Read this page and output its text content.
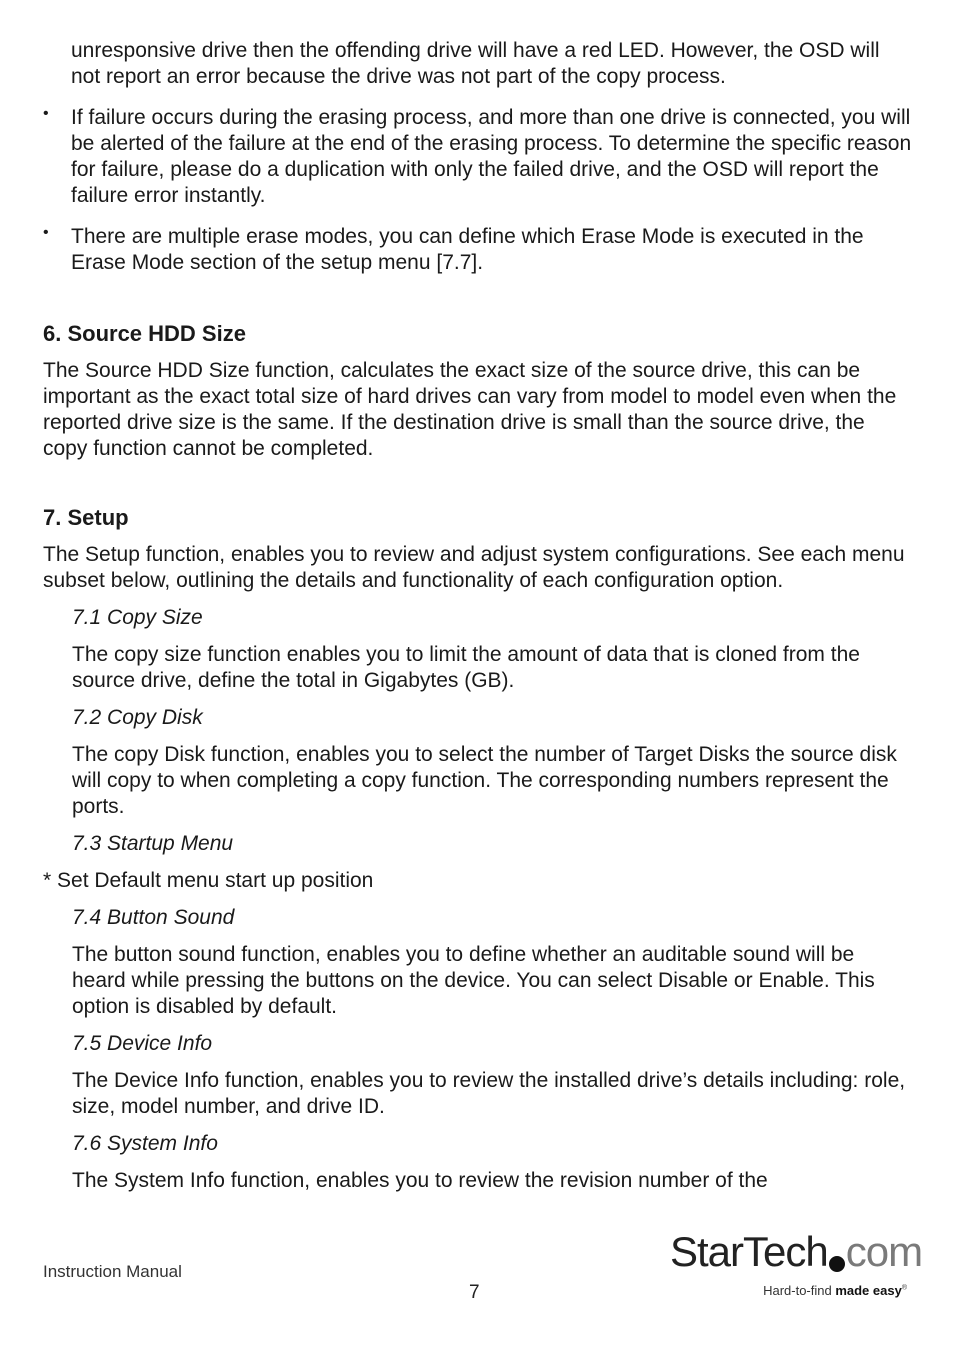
unresponsive drive then the offending drive will have a red LED. However, the OSD will not report an error because the drive was not part of the copy process.

• If failure occurs during the erasing process, and more than one drive is connected, you will be alerted of the failure at the end of the erasing process. To determine the specific reason for failure, please do a duplication with only the failed drive, and the OSD will report the failure error instantly.

• There are multiple erase modes, you can define which Erase Mode is executed in the Erase Mode section of the setup menu [7.7].

6. Source HDD Size

The Source HDD Size function, calculates the exact size of the source drive, this can be important as the exact total size of hard drives can vary from model to model even when the reported drive size is the same. If the destination drive is small than the source drive, the copy function cannot be completed.

7. Setup

The Setup function, enables you to review and adjust system configurations. See each menu subset below, outlining the details and functionality of each configuration option.

7.1 Copy Size

The copy size function enables you to limit the amount of data that is cloned from the source drive, define the total in Gigabytes (GB).

7.2 Copy Disk

The copy Disk function, enables you to select the number of Target Disks the source disk will copy to when completing a copy function. The corresponding numbers represent the ports.

7.3 Startup Menu

* Set Default menu start up position

7.4 Button Sound

The button sound function, enables you to define whether an auditable sound will be heard while pressing the buttons on the device. You can select Disable or Enable. This option is disabled by default.

7.5 Device Info

The Device Info function, enables you to review the installed drive’s details including: role, size, model number, and drive ID.

7.6 System Info

The System Info function, enables you to review the revision number of the

Instruction Manual
7
StarTech com
Hard-to-find made easy®
